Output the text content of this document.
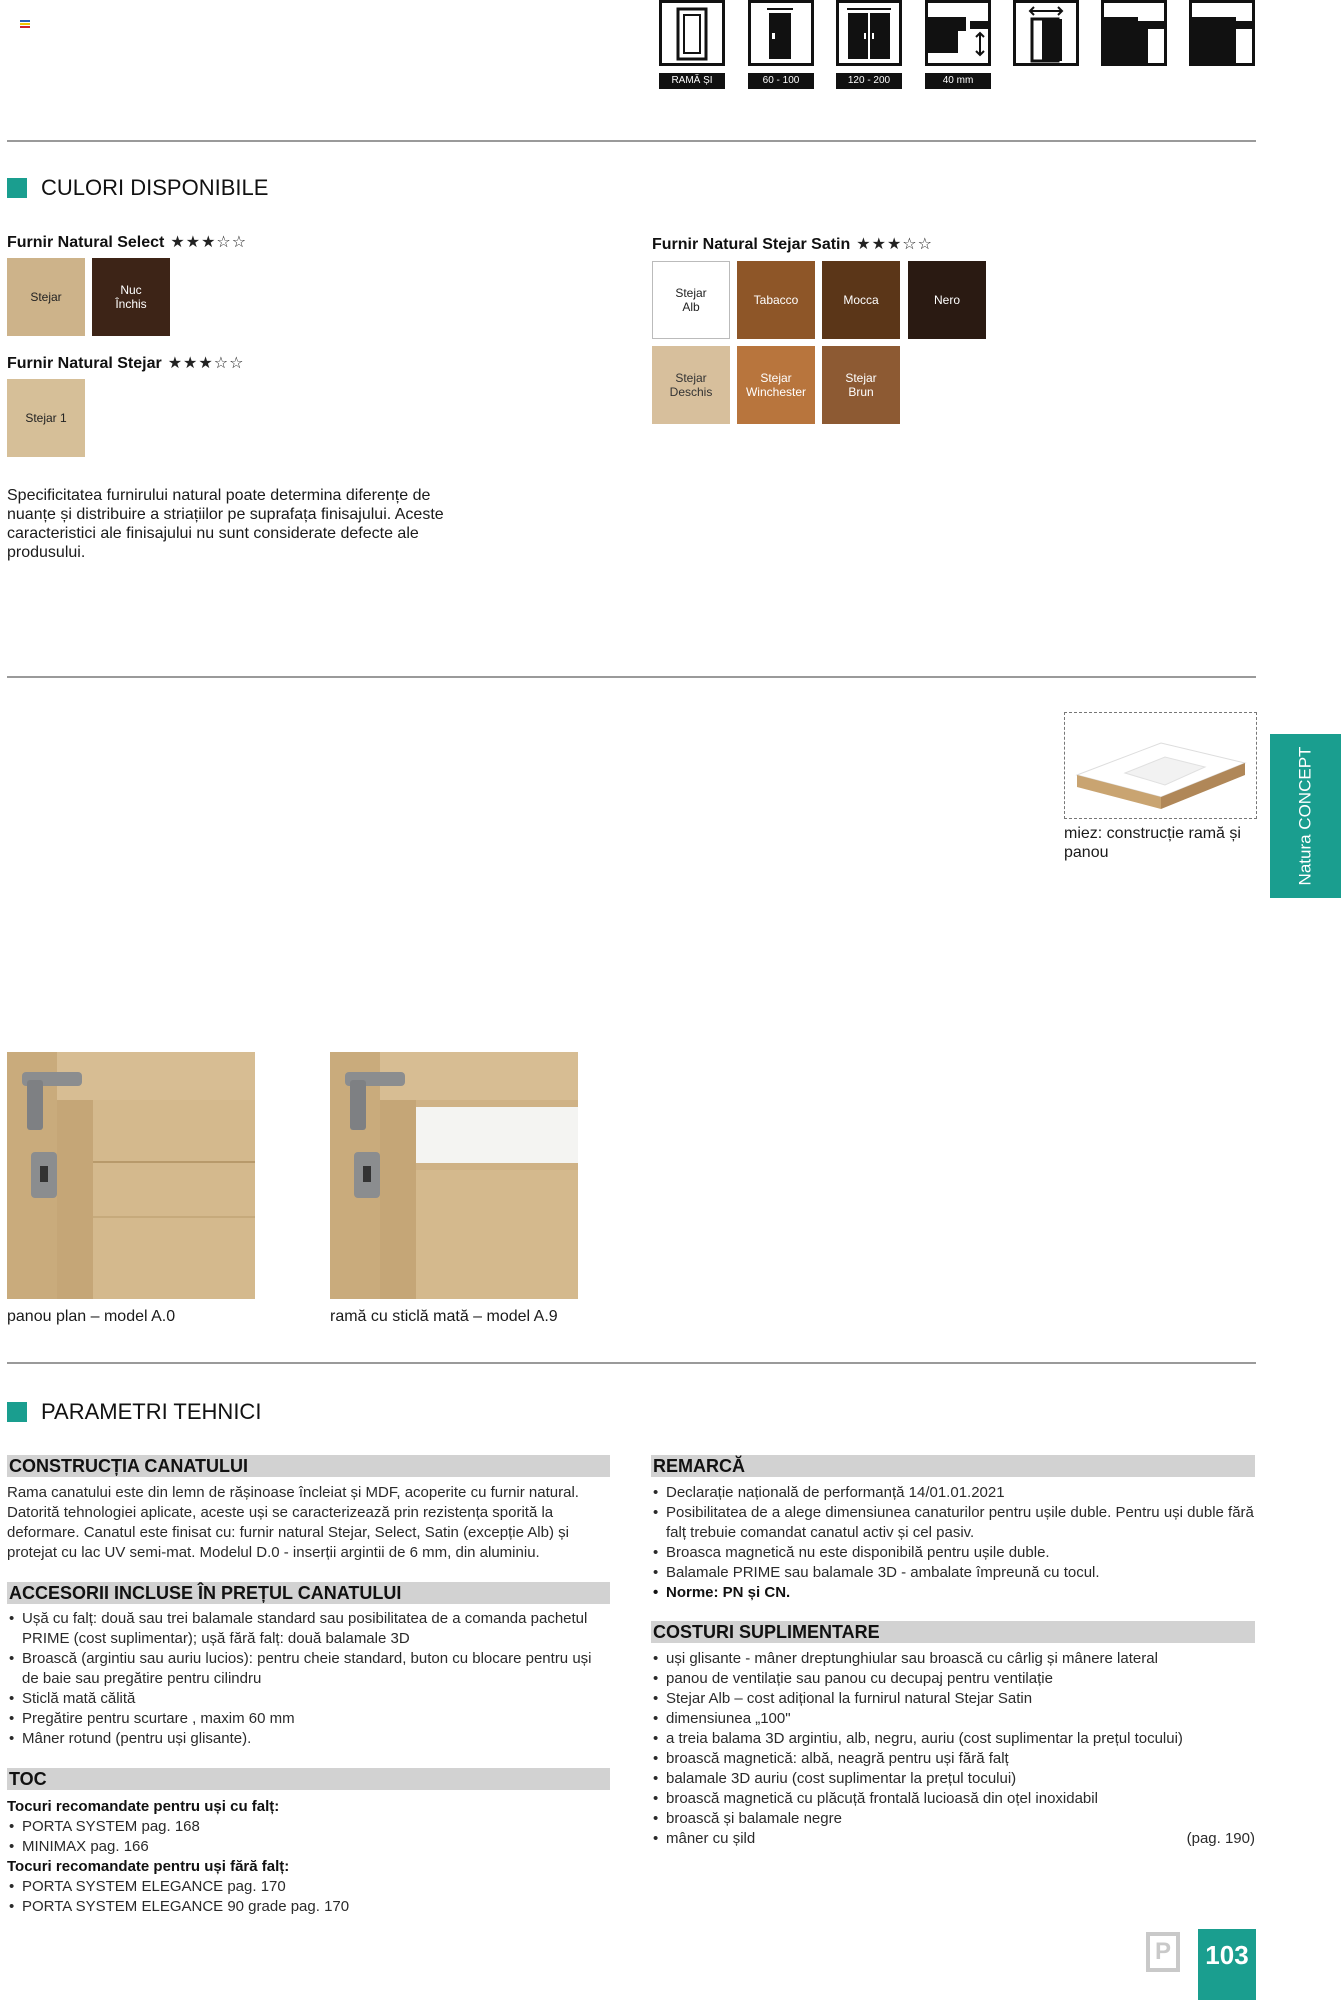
RAMĂ ȘI PANOU
60 - 100	120 - 200	40 mm
CULORI DISPONIBILE
Furnir Natural Select ★★★☆☆
Stejar	Nuc
Închis
Furnir Natural Stejar ★★★☆☆
Stejar 1
Furnir Natural Stejar Satin ★★★☆☆
Stejar
Alb	Tabacco	Mocca	Nero
Stejar
Deschis
Stejar
Winchester
Stejar
Brun
Specificitatea furnirului natural poate determina diferențe de nuanțe și distribuire a striațiilor pe suprafața finisajului. Aceste caracteristici ale finisajului nu sunt considerate defecte ale produsului.
miez: construcție ramă și panou	Natura CONCEPT
panou plan – model A.0	ramă cu sticlă mată – model A.9
PARAMETRI TEHNICI
CONSTRUCȚIA CANATULUI
Rama canatului este din lemn de rășinoase încleiat și MDF, acoperite cu furnir natural. Datorită tehnologiei aplicate, aceste uși se caracterizează prin rezistența sporită la deformare. Canatul este finisat cu: furnir natural Stejar, Select, Satin (excepție Alb) și protejat cu lac UV semi-mat. Modelul D.0 - inserții argintii de 6 mm, din aluminiu.
ACCESORII INCLUSE ÎN PREȚUL CANATULUI
• Ușă cu falț: două sau trei balamale standard sau posibilitatea de a comanda pachetul PRIME (cost suplimentar); ușă fără falț: două balamale 3D
• Broască (argintiu sau auriu lucios): pentru cheie standard, buton cu blocare pentru uși de baie sau pregătire pentru cilindru
• Sticlă mată călită
• Pregătire pentru scurtare , maxim 60 mm
• Mâner rotund (pentru uși glisante).
TOC
Tocuri recomandate pentru uși cu falț:
• PORTA SYSTEM pag. 168
• MINIMAX pag. 166
Tocuri recomandate pentru uși fără falț:
• PORTA SYSTEM ELEGANCE pag. 170
• PORTA SYSTEM ELEGANCE 90 grade pag. 170
REMARCĂ
• Declarație națională de performanță 14/01.01.2021
• Posibilitatea de a alege dimensiunea canaturilor pentru ușile duble. Pentru uși duble fără falț trebuie comandat canatul activ și cel pasiv.
• Broasca magnetică nu este disponibilă pentru ușile duble.
• Balamale PRIME sau balamale 3D - ambalate împreună cu tocul.
• Norme: PN și CN.
COSTURI SUPLIMENTARE
• uși glisante - mâner dreptunghiular sau broască cu cârlig și mânere lateral
• panou de ventilație sau panou cu decupaj pentru ventilație
• Stejar Alb – cost adițional la furnirul natural Stejar Satin
• dimensiunea „100"
• a treia balama 3D argintiu, alb, negru, auriu (cost suplimentar la prețul tocului)
• broască magnetică: albă, neagră pentru uși fără falț
• balamale 3D auriu (cost suplimentar la prețul tocului)
• broască magnetică cu plăcuță frontală lucioasă din oțel inoxidabil
• broască și balamale negre
• mâner cu șild	(pag. 190)
P	103
